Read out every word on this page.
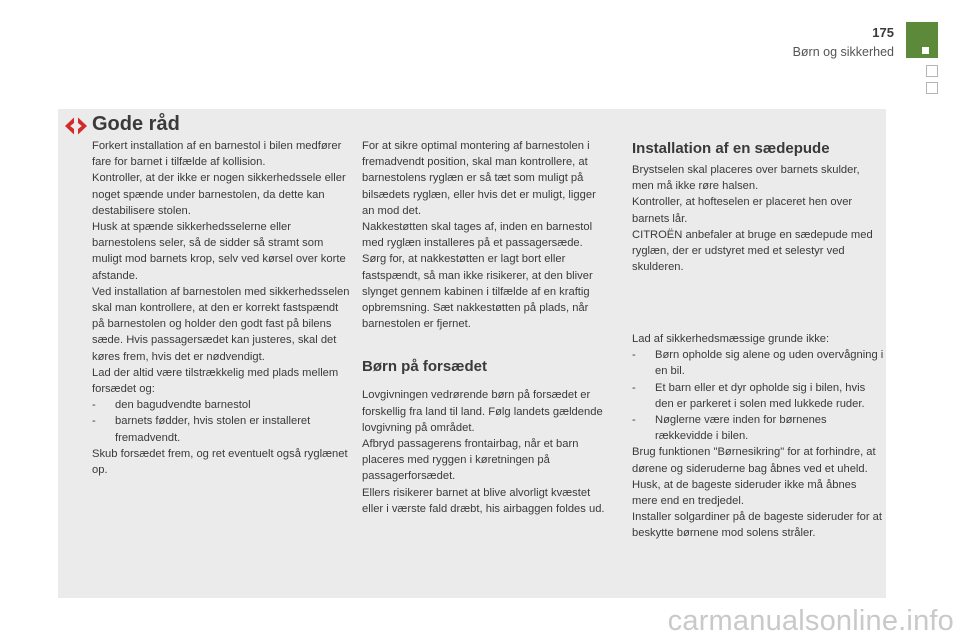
175
Børn og sikkerhed
Gode råd

Forkert installation af en barnestol i bilen medfører fare for barnet i tilfælde af kollision.

Kontroller, at der ikke er nogen sikkerhedssele eller noget spænde under barnestolen, da dette kan destabilisere stolen.

Husk at spænde sikkerhedsselerne eller barnestolens seler, så de sidder så stramt som muligt mod barnets krop, selv ved kørsel over korte afstande.

Ved installation af barnestolen med sikkerhedsselen skal man kontrollere, at den er korrekt fastspændt på barnestolen og holder den godt fast på bilens sæde. Hvis passagersædet kan justeres, skal det køres frem, hvis det er nødvendigt.

Lad der altid være tilstrækkelig med plads mellem forsædet og:

- den bagudvendte barnestol

- barnets fødder, hvis stolen er installeret fremadvendt.

Skub forsædet frem, og ret eventuelt også ryglænet op.

For at sikre optimal montering af barnestolen i fremadvendt position, skal man kontrollere, at barnestolens ryglæn er så tæt som muligt på bilsædets ryglæn, eller hvis det er muligt, ligger an mod det.

Nakkestøtten skal tages af, inden en barnestol med ryglæn installeres på et passagersæde.

Sørg for, at nakkestøtten er lagt bort eller fastspændt, så man ikke risikerer, at den bliver slynget gennem kabinen i tilfælde af en kraftig opbremsning. Sæt nakkestøtten på plads, når barnestolen er fjernet.

Børn på forsædet

Lovgivningen vedrørende børn på forsædet er forskellig fra land til land. Følg landets gældende lovgivning på området.

Afbryd passagerens frontairbag, når et barn placeres med ryggen i køretningen på passagerforsædet.

Ellers risikerer barnet at blive alvorligt kvæstet eller i værste fald dræbt, his airbaggen foldes ud.

Installation af en sædepude

Brystselen skal placeres over barnets skulder, men må ikke røre halsen.

Kontroller, at hofteselen er placeret hen over barnets lår.

CITROËN anbefaler at bruge en sædepude med ryglæn, der er udstyret med et selestyr ved skulderen.

Lad af sikkerhedsmæssige grunde ikke:

- Børn opholde sig alene og uden overvågning i en bil.

- Et barn eller et dyr opholde sig i bilen, hvis den er parkeret i solen med lukkede ruder.

- Nøglerne være inden for børnenes rækkevidde i bilen.

Brug funktionen "Børnesikring" for at forhindre, at dørene og sideruderne bag åbnes ved et uheld.

Husk, at de bageste sideruder ikke må åbnes mere end en tredjedel.

Installer solgardiner på de bageste sideruder for at beskytte børnene mod solens stråler.

carmanualsonline.info
